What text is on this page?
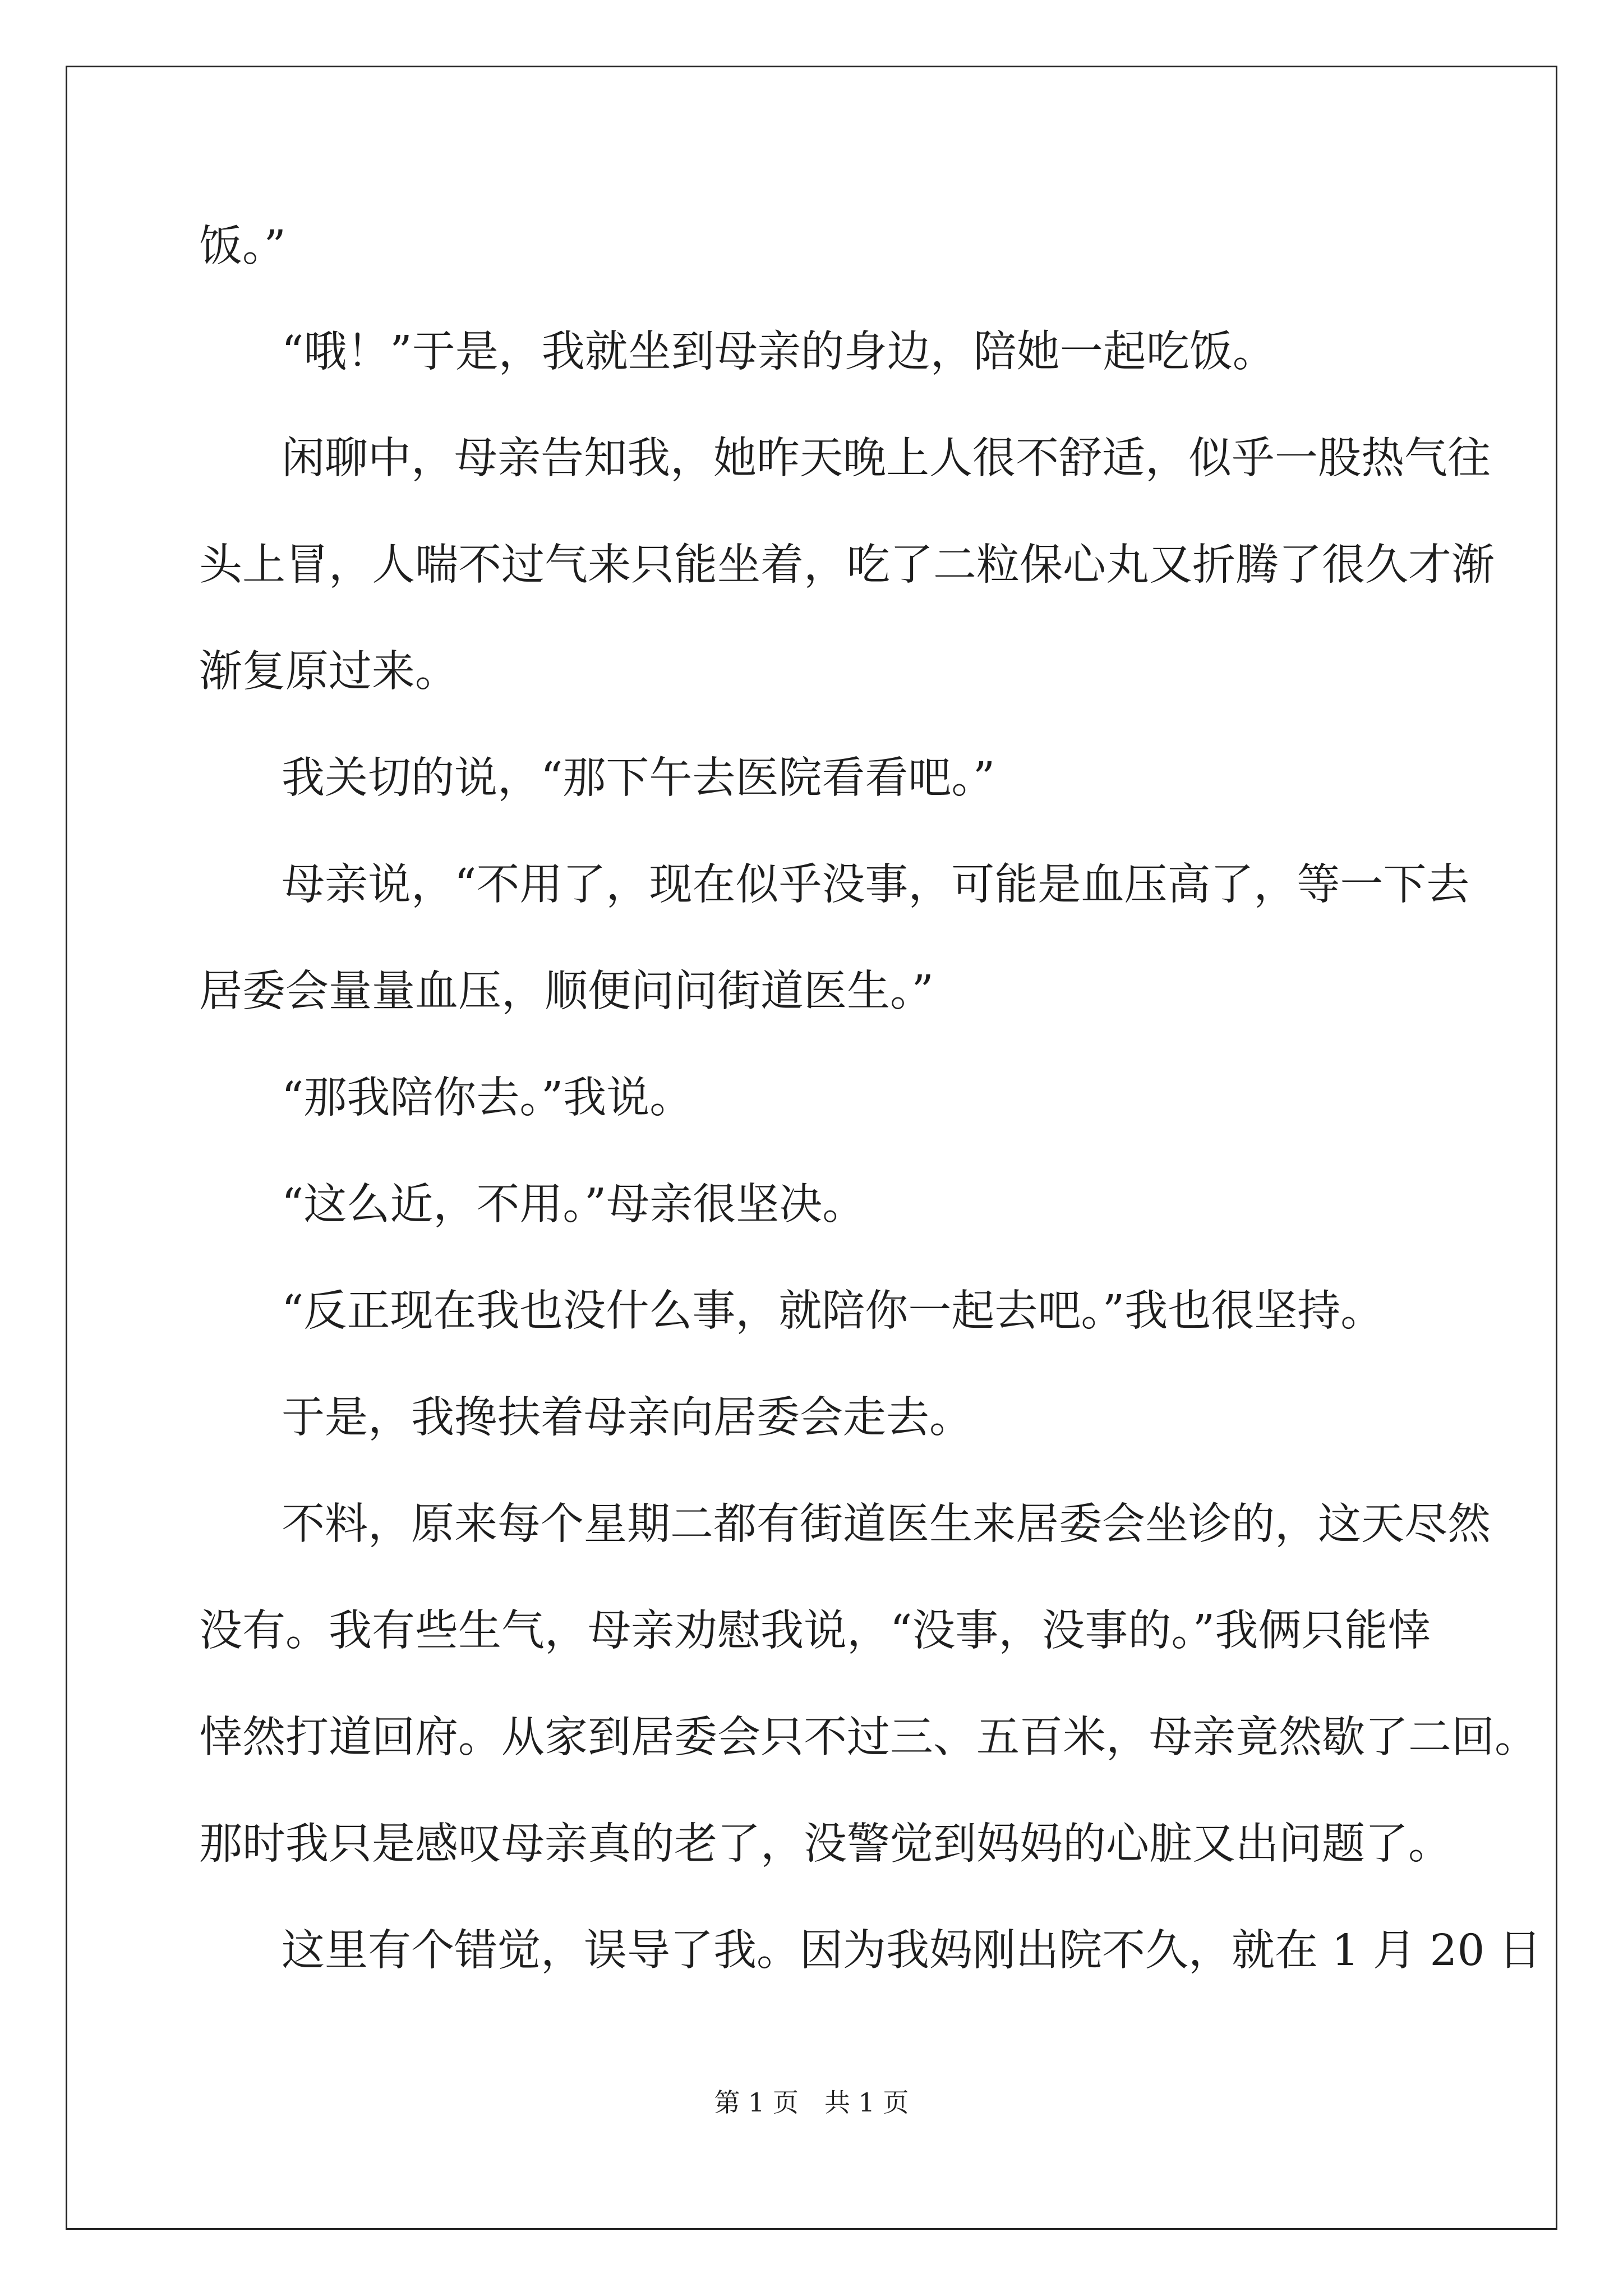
饭。”

“哦！”于是，我就坐到母亲的身边，陪她一起吃饭。

闲聊中，母亲告知我，她昨天晚上人很不舒适，似乎一股热气往

头上冒，人喘不过气来只能坐着，吃了二粒保心丸又折腾了很久才渐

渐复原过来。

我关切的说，“那下午去医院看看吧。”

母亲说，“不用了，现在似乎没事，可能是血压高了，等一下去

居委会量量血压，顺便问问街道医生。”

“那我陪你去。”我说。

“这么近，不用。”母亲很坚决。

“反正现在我也没什么事，就陪你一起去吧。”我也很坚持。

于是，我搀扶着母亲向居委会走去。

不料，原来每个星期二都有街道医生来居委会坐诊的，这天尽然

没有。我有些生气，母亲劝慰我说，“没事，没事的。”我俩只能悻

悻然打道回府。从家到居委会只不过三、五百米，母亲竟然歇了二回。

那时我只是感叹母亲真的老了，没警觉到妈妈的心脏又出问题了。

这里有个错觉，误导了我。因为我妈刚出院不久，就在 1 月 20 日

第 1 页　共 1 页
